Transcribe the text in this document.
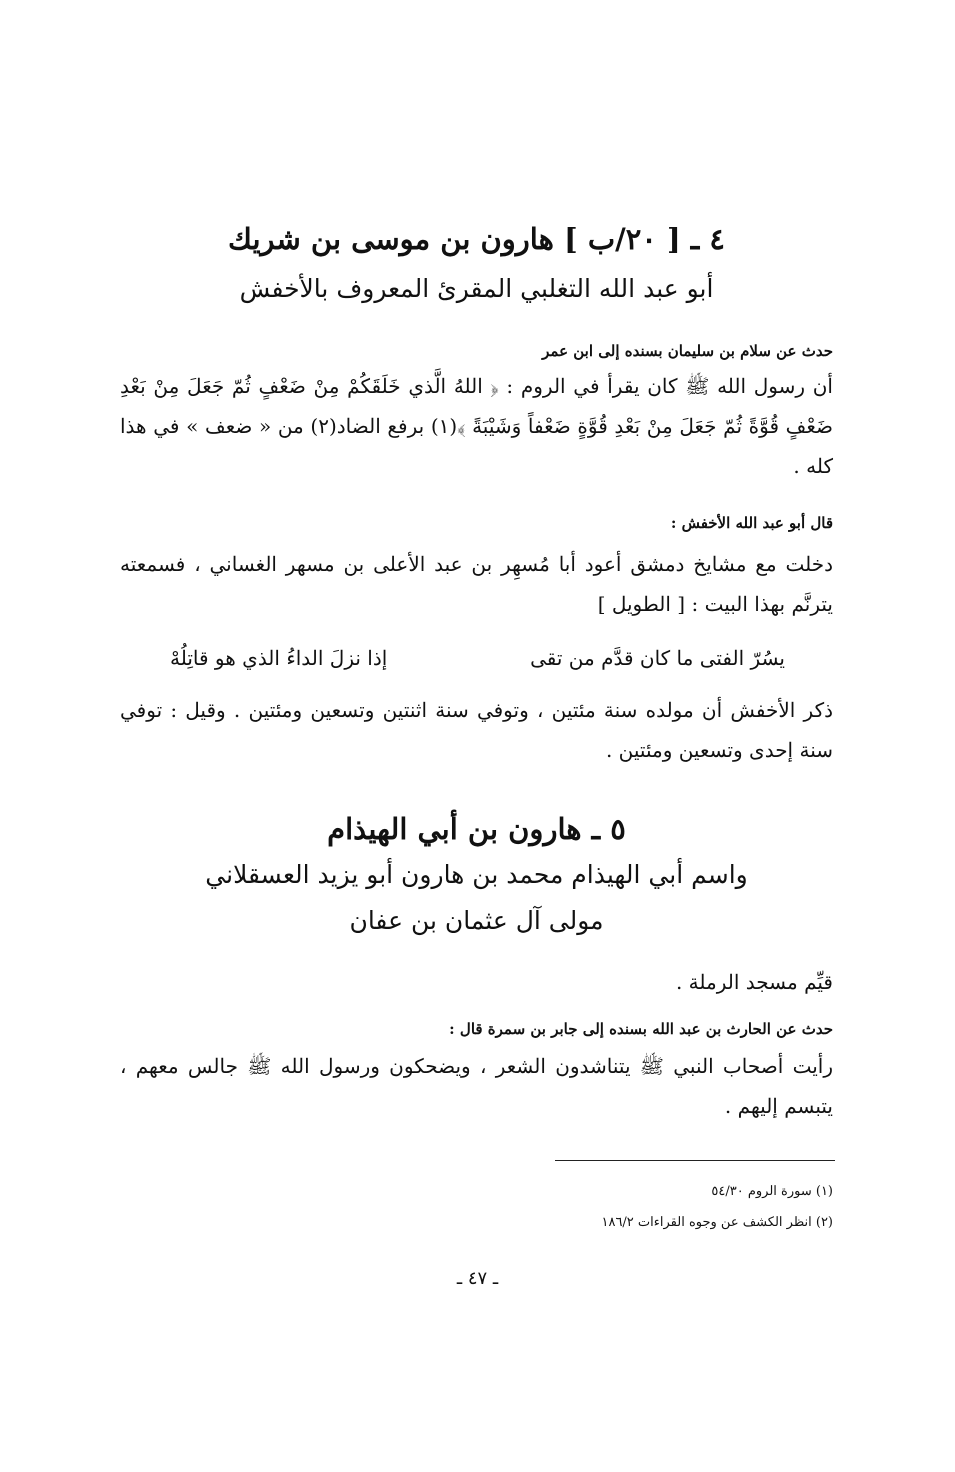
٤ ـ [ ٢٠/ب ] هارون بن موسى بن شريك
أبو عبد الله التغلبي المقرئ المعروف بالأخفش
حدث عن سلام بن سليمان بسنده إلى ابن عمر
أن رسول الله ﷺ كان يقرأ في الروم : ﴿ اللهُ الَّذي خَلَقَكُمْ مِنْ ضَعْفٍ ثُمّ جَعَلَ مِنْ بَعْدِ ضَعْفٍ قُوَّةً ثُمّ جَعَلَ مِنْ بَعْدِ قُوَّةٍ ضَعْفاً وَشَيْبَةً ﴾(١) برفع الضاد(٢) من « ضعف » في هذا كله .
قال أبو عبد الله الأخفش :
دخلت مع مشايخ دمشق أعود أبا مُسهِر بن عبد الأعلى بن مسهر الغساني ، فسمعته يترنَّم بهذا البيت : [ الطويل ]
يسُرّ الفتى ما كان قدَّم من تقى
إذا نزلَ الداءُ الذي هو قاتِلُهْ
ذكر الأخفش أن مولده سنة مئتين ، وتوفي سنة اثنتين وتسعين ومئتين . وقيل : توفي سنة إحدى وتسعين ومئتين .
٥ ـ هارون بن أبي الهيذام
واسم أبي الهيذام محمد بن هارون أبو يزيد العسقلاني
مولى آل عثمان بن عفان
قيِّم مسجد الرملة .
حدث عن الحارث بن عبد الله بسنده إلى جابر بن سمرة قال :
رأيت أصحاب النبي ﷺ يتناشدون الشعر ، ويضحكون ورسول الله ﷺ جالس معهم ، يتبسم إليهم .
(١) سورة الروم ٥٤/٣٠
(٢) انظر الكشف عن وجوه القراءات ١٨٦/٢
ـ ٤٧ ـ
